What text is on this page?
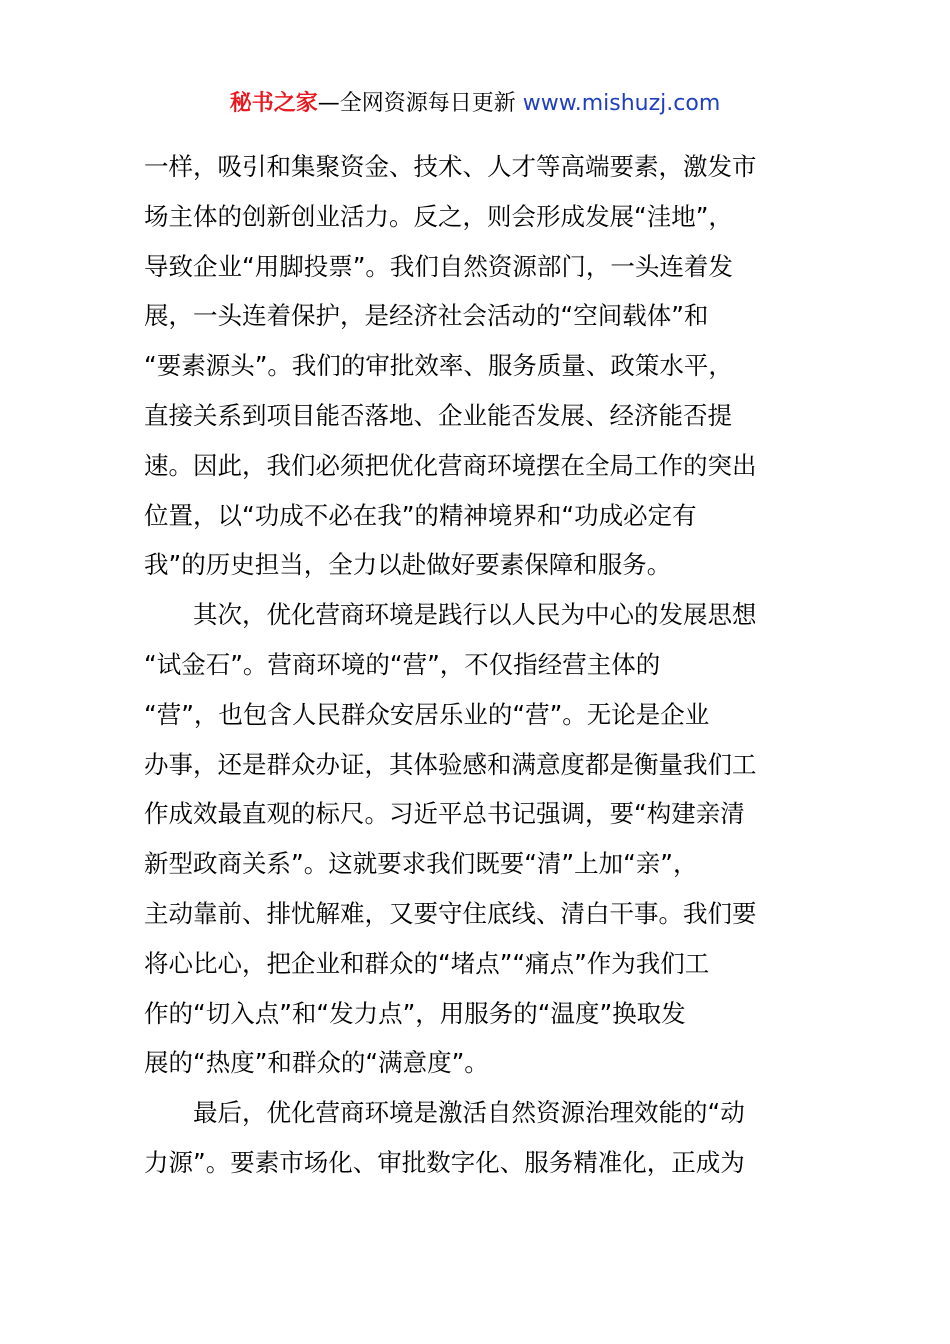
秘书之家—全网资源每日更新 www.mishuzj.com
一样，吸引和集聚资金、技术、人才等高端要素，激发市
场主体的创新创业活力。反之，则会形成发展“洼地”，
导致企业“用脚投票”。我们自然资源部门，一头连着发
展，一头连着保护，是经济社会活动的“空间载体”和
“要素源头”。我们的审批效率、服务质量、政策水平，
直接关系到项目能否落地、企业能否发展、经济能否提
速。因此，我们必须把优化营商环境摆在全局工作的突出
位置，以“功成不必在我”的精神境界和“功成必定有
我”的历史担当，全力以赴做好要素保障和服务。
其次，优化营商环境是践行以人民为中心的发展思想
“试金石”。营商环境的“营”，不仅指经营主体的
“营”，也包含人民群众安居乐业的“营”。无论是企业
办事，还是群众办证，其体验感和满意度都是衡量我们工
作成效最直观的标尺。习近平总书记强调，要“构建亲清
新型政商关系”。这就要求我们既要“清”上加“亲”，
主动靠前、排忧解难，又要守住底线、清白干事。我们要
将心比心，把企业和群众的“堵点”“痛点”作为我们工
作的“切入点”和“发力点”，用服务的“温度”换取发
展的“热度”和群众的“满意度”。
最后，优化营商环境是激活自然资源治理效能的“动
力源”。要素市场化、审批数字化、服务精准化，正成为
